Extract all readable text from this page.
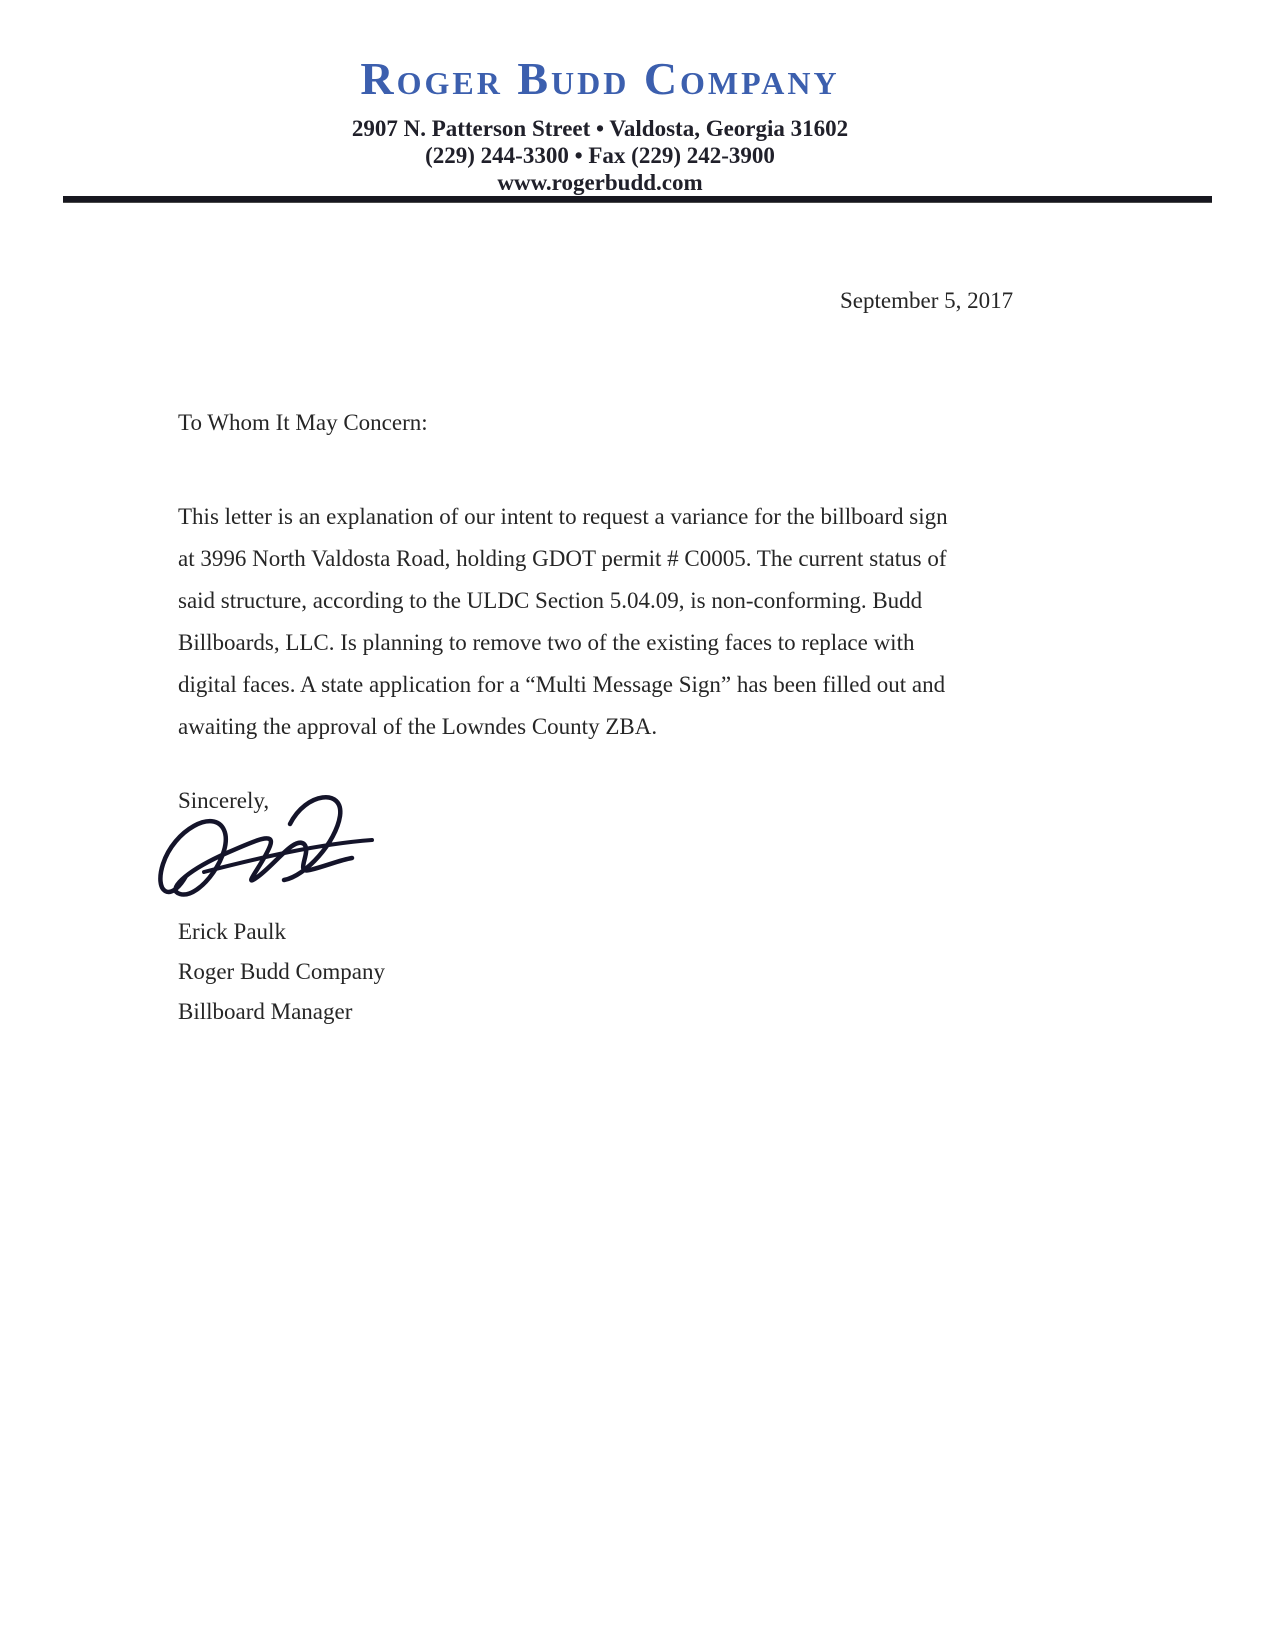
Roger Budd Company
2907 N. Patterson Street • Valdosta, Georgia 31602
(229) 244-3300 • Fax (229) 242-3900
www.rogerbudd.com
September 5, 2017
To Whom It May Concern:
This letter is an explanation of our intent to request a variance for the billboard sign
at 3996 North Valdosta Road, holding GDOT permit # C0005. The current status of
said structure, according to the ULDC Section 5.04.09, is non-conforming. Budd
Billboards, LLC. Is planning to remove two of the existing faces to replace with
digital faces. A state application for a “Multi Message Sign” has been filled out and
awaiting the approval of the Lowndes County ZBA.
Sincerely,
Erick Paulk
Roger Budd Company
Billboard Manager
